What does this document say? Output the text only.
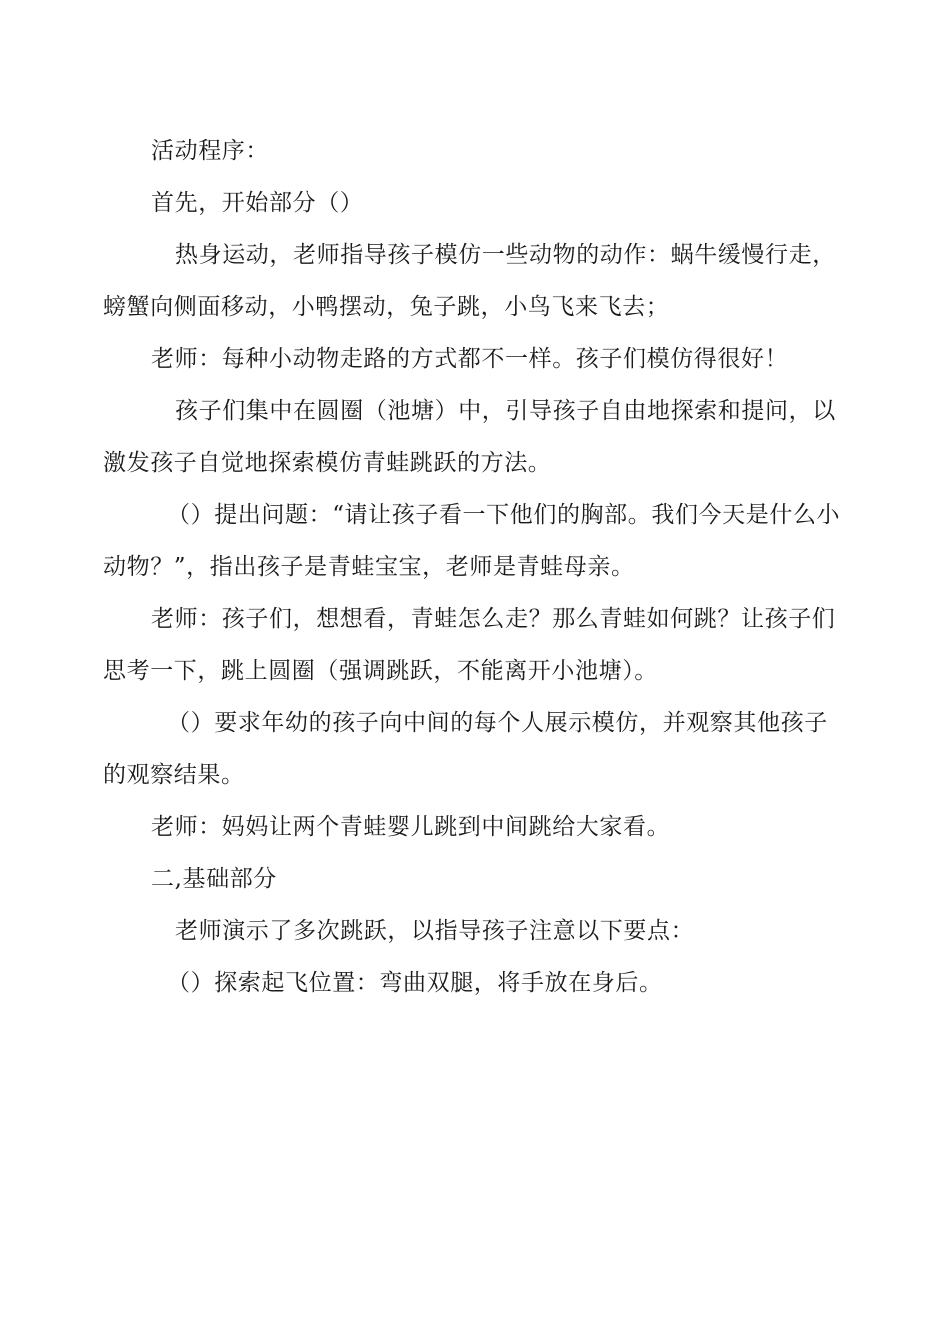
活动程序：

首先，开始部分（）

热身运动，老师指导孩子模仿一些动物的动作：蜗牛缓慢行走，螃蟹向侧面移动，小鸭摆动，兔子跳，小鸟飞来飞去；

老师：每种小动物走路的方式都不一样。孩子们模仿得很好！

孩子们集中在圆圈（池塘）中，引导孩子自由地探索和提问，以激发孩子自觉地探索模仿青蛙跳跃的方法。

（）提出问题：“请让孩子看一下他们的胸部。我们今天是什么小动物？”，指出孩子是青蛙宝宝，老师是青蛙母亲。

老师：孩子们，想想看，青蛙怎么走？那么青蛙如何跳？让孩子们思考一下，跳上圆圈（强调跳跃，不能离开小池塘）。

（）要求年幼的孩子向中间的每个人展示模仿，并观察其他孩子的观察结果。

老师：妈妈让两个青蛙婴儿跳到中间跳给大家看。

二,基础部分

老师演示了多次跳跃，以指导孩子注意以下要点：

（）探索起飞位置：弯曲双腿，将手放在身后。
